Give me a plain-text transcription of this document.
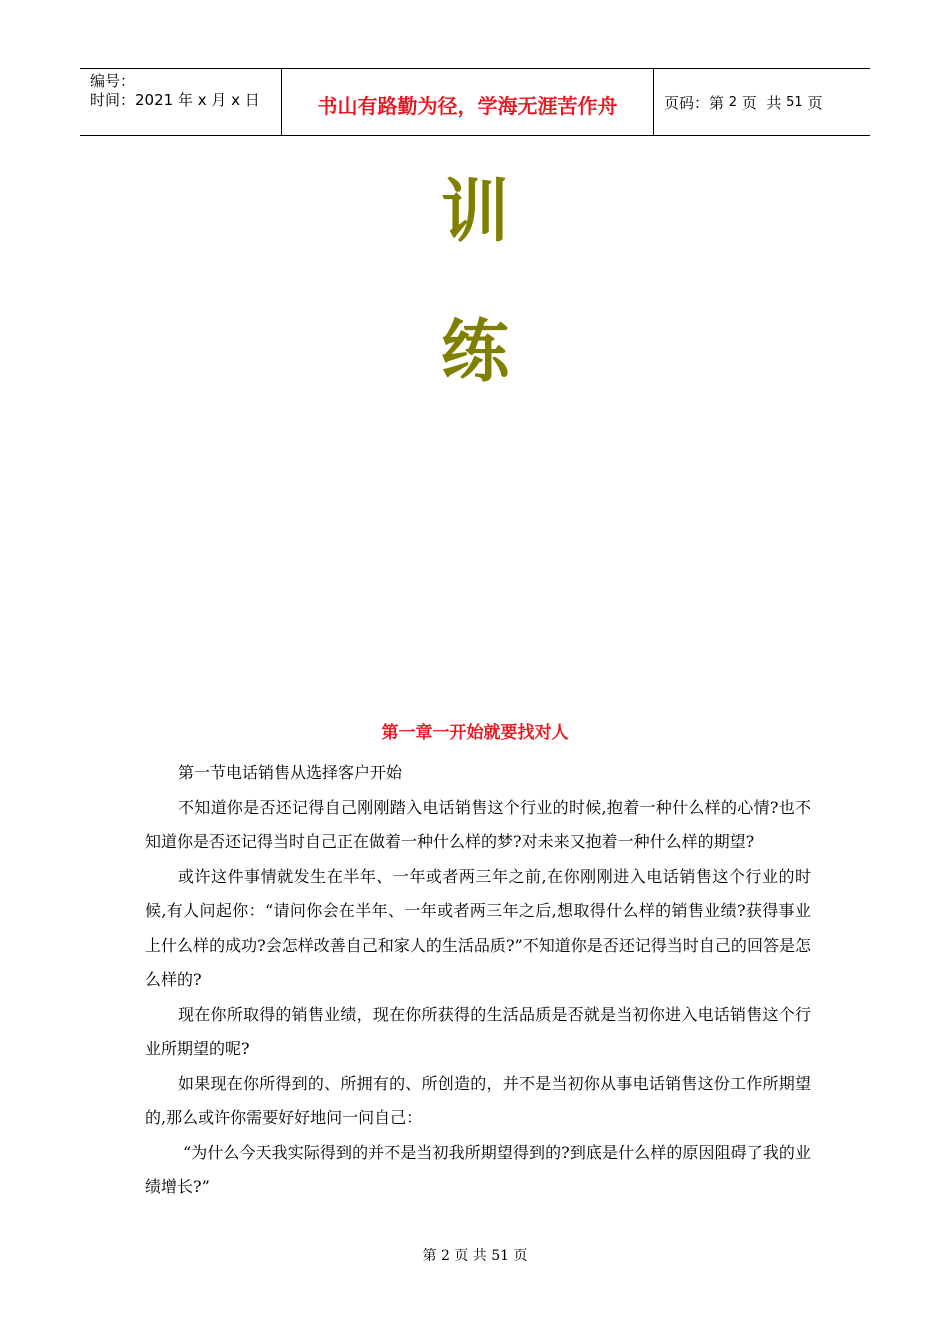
编号：
时间：2021 年 x 月 x 日	书山有路勤为径，学海无涯苦作舟	页码：第 2 页  共 51 页
训
练
第一章一开始就要找对人

第一节电话销售从选择客户开始

不知道你是否还记得自己刚刚踏入电话销售这个行业的时候,抱着一种什么样的心情?也不知道你是否还记得当时自己正在做着一种什么样的梦?对未来又抱着一种什么样的期望?

或许这件事情就发生在半年、一年或者两三年之前,在你刚刚进入电话销售这个行业的时候,有人问起你：“请问你会在半年、一年或者两三年之后,想取得什么样的销售业绩?获得事业上什么样的成功?会怎样改善自己和家人的生活品质?”不知道你是否还记得当时自己的回答是怎么样的?

现在你所取得的销售业绩，现在你所获得的生活品质是否就是当初你进入电话销售这个行业所期望的呢?

如果现在你所得到的、所拥有的、所创造的，并不是当初你从事电话销售这份工作所期望的,那么或许你需要好好地问一问自己：

“为什么今天我实际得到的并不是当初我所期望得到的?到底是什么样的原因阻碍了我的业绩增长?”

第 2 页 共 51 页
